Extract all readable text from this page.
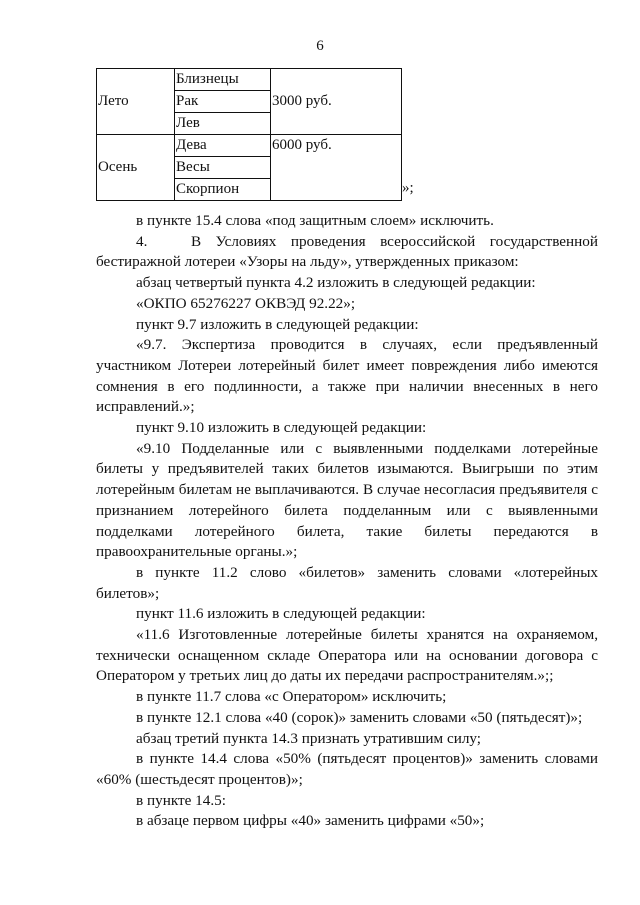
6
Лето	Близнецы	3000 руб.
	Рак	
	Лев	
Осень	Дева	6000 руб.
	Весы	
	Скорпион		»;

в пункте 15.4 слова «под защитным слоем» исключить.

4.   В Условиях проведения всероссийской государственной бестиражной лотереи «Узоры на льду», утвержденных приказом:

абзац четвертый пункта 4.2 изложить в следующей редакции:

«ОКПО 65276227 ОКВЭД 92.22»;

пункт 9.7 изложить в следующей редакции:

«9.7. Экспертиза проводится в случаях, если предъявленный участником Лотереи лотерейный билет имеет повреждения либо имеются сомнения в его подлинности, а также при наличии внесенных в него исправлений.»;

пункт 9.10 изложить в следующей редакции:

«9.10 Подделанные или с выявленными подделками лотерейные билеты у предъявителей таких билетов изымаются. Выигрыши по этим лотерейным билетам не выплачиваются. В случае несогласия предъявителя с признанием лотерейного билета подделанным или с выявленными подделками лотерейного билета, такие билеты передаются в правоохранительные органы.»;

в пункте 11.2 слово «билетов» заменить словами «лотерейных билетов»;

пункт 11.6 изложить в следующей редакции:

«11.6 Изготовленные лотерейные билеты хранятся на охраняемом, технически оснащенном складе Оператора или на основании договора с Оператором у третьих лиц до даты их передачи распространителям.»;;

в пункте 11.7 слова «с Оператором» исключить;

в пункте 12.1 слова «40 (сорок)» заменить словами «50 (пятьдесят)»;

абзац третий пункта 14.3 признать утратившим силу;

в пункте 14.4 слова «50% (пятьдесят процентов)» заменить словами «60% (шестьдесят процентов)»;

в пункте 14.5:

в абзаце первом цифры «40» заменить цифрами «50»;
